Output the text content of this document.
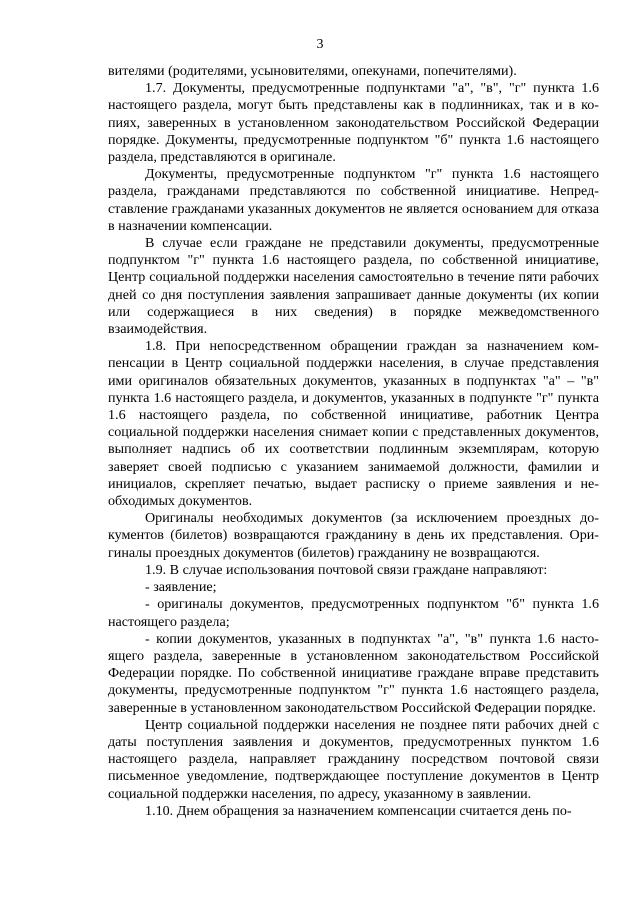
3

вителями (родителями, усыновителями, опекунами, попечителями).

1.7. Документы, предусмотренные подпунктами "а", "в", "г" пункта 1.6 настоящего раздела, могут быть представлены как в подлинниках, так и в копиях, заверенных в установленном законодательством Российской Федерации порядке. Документы, предусмотренные подпунктом "б" пункта 1.6 настоящего раздела, представляются в оригинале.

Документы, предусмотренные подпунктом "г" пункта 1.6 настоящего раздела, гражданами представляются по собственной инициативе. Непредставление гражданами указанных документов не является основанием для отказа в назначении компенсации.

В случае если граждане не представили документы, предусмотренные подпунктом "г" пункта 1.6 настоящего раздела, по собственной инициативе, Центр социальной поддержки населения самостоятельно в течение пяти рабочих дней со дня поступления заявления запрашивает данные документы (их копии или содержащиеся в них сведения) в порядке межведомственного взаимодействия.

1.8. При непосредственном обращении граждан за назначением компенсации в Центр социальной поддержки населения, в случае представления ими оригиналов обязательных документов, указанных в подпунктах "а" – "в" пункта 1.6 настоящего раздела, и документов, указанных в подпункте "г" пункта 1.6 настоящего раздела, по собственной инициативе, работник Центра социальной поддержки населения снимает копии с представленных документов, выполняет надпись об их соответствии подлинным экземплярам, которую заверяет своей подписью с указанием занимаемой должности, фамилии и инициалов, скрепляет печатью, выдает расписку о приеме заявления и необходимых документов.

Оригиналы необходимых документов (за исключением проездных документов (билетов) возвращаются гражданину в день их представления. Оригиналы проездных документов (билетов) гражданину не возвращаются.

1.9. В случае использования почтовой связи граждане направляют:

- заявление;

- оригиналы документов, предусмотренных подпунктом "б" пункта 1.6 настоящего раздела;

- копии документов, указанных в подпунктах "а", "в" пункта 1.6 настоящего раздела, заверенные в установленном законодательством Российской Федерации порядке. По собственной инициативе граждане вправе представить документы, предусмотренные подпунктом "г" пункта 1.6 настоящего раздела, заверенные в установленном законодательством Российской Федерации порядке.

Центр социальной поддержки населения не позднее пяти рабочих дней с даты поступления заявления и документов, предусмотренных пунктом 1.6 настоящего раздела, направляет гражданину посредством почтовой связи письменное уведомление, подтверждающее поступление документов в Центр социальной поддержки населения, по адресу, указанному в заявлении.

1.10. Днем обращения за назначением компенсации считается день по-
